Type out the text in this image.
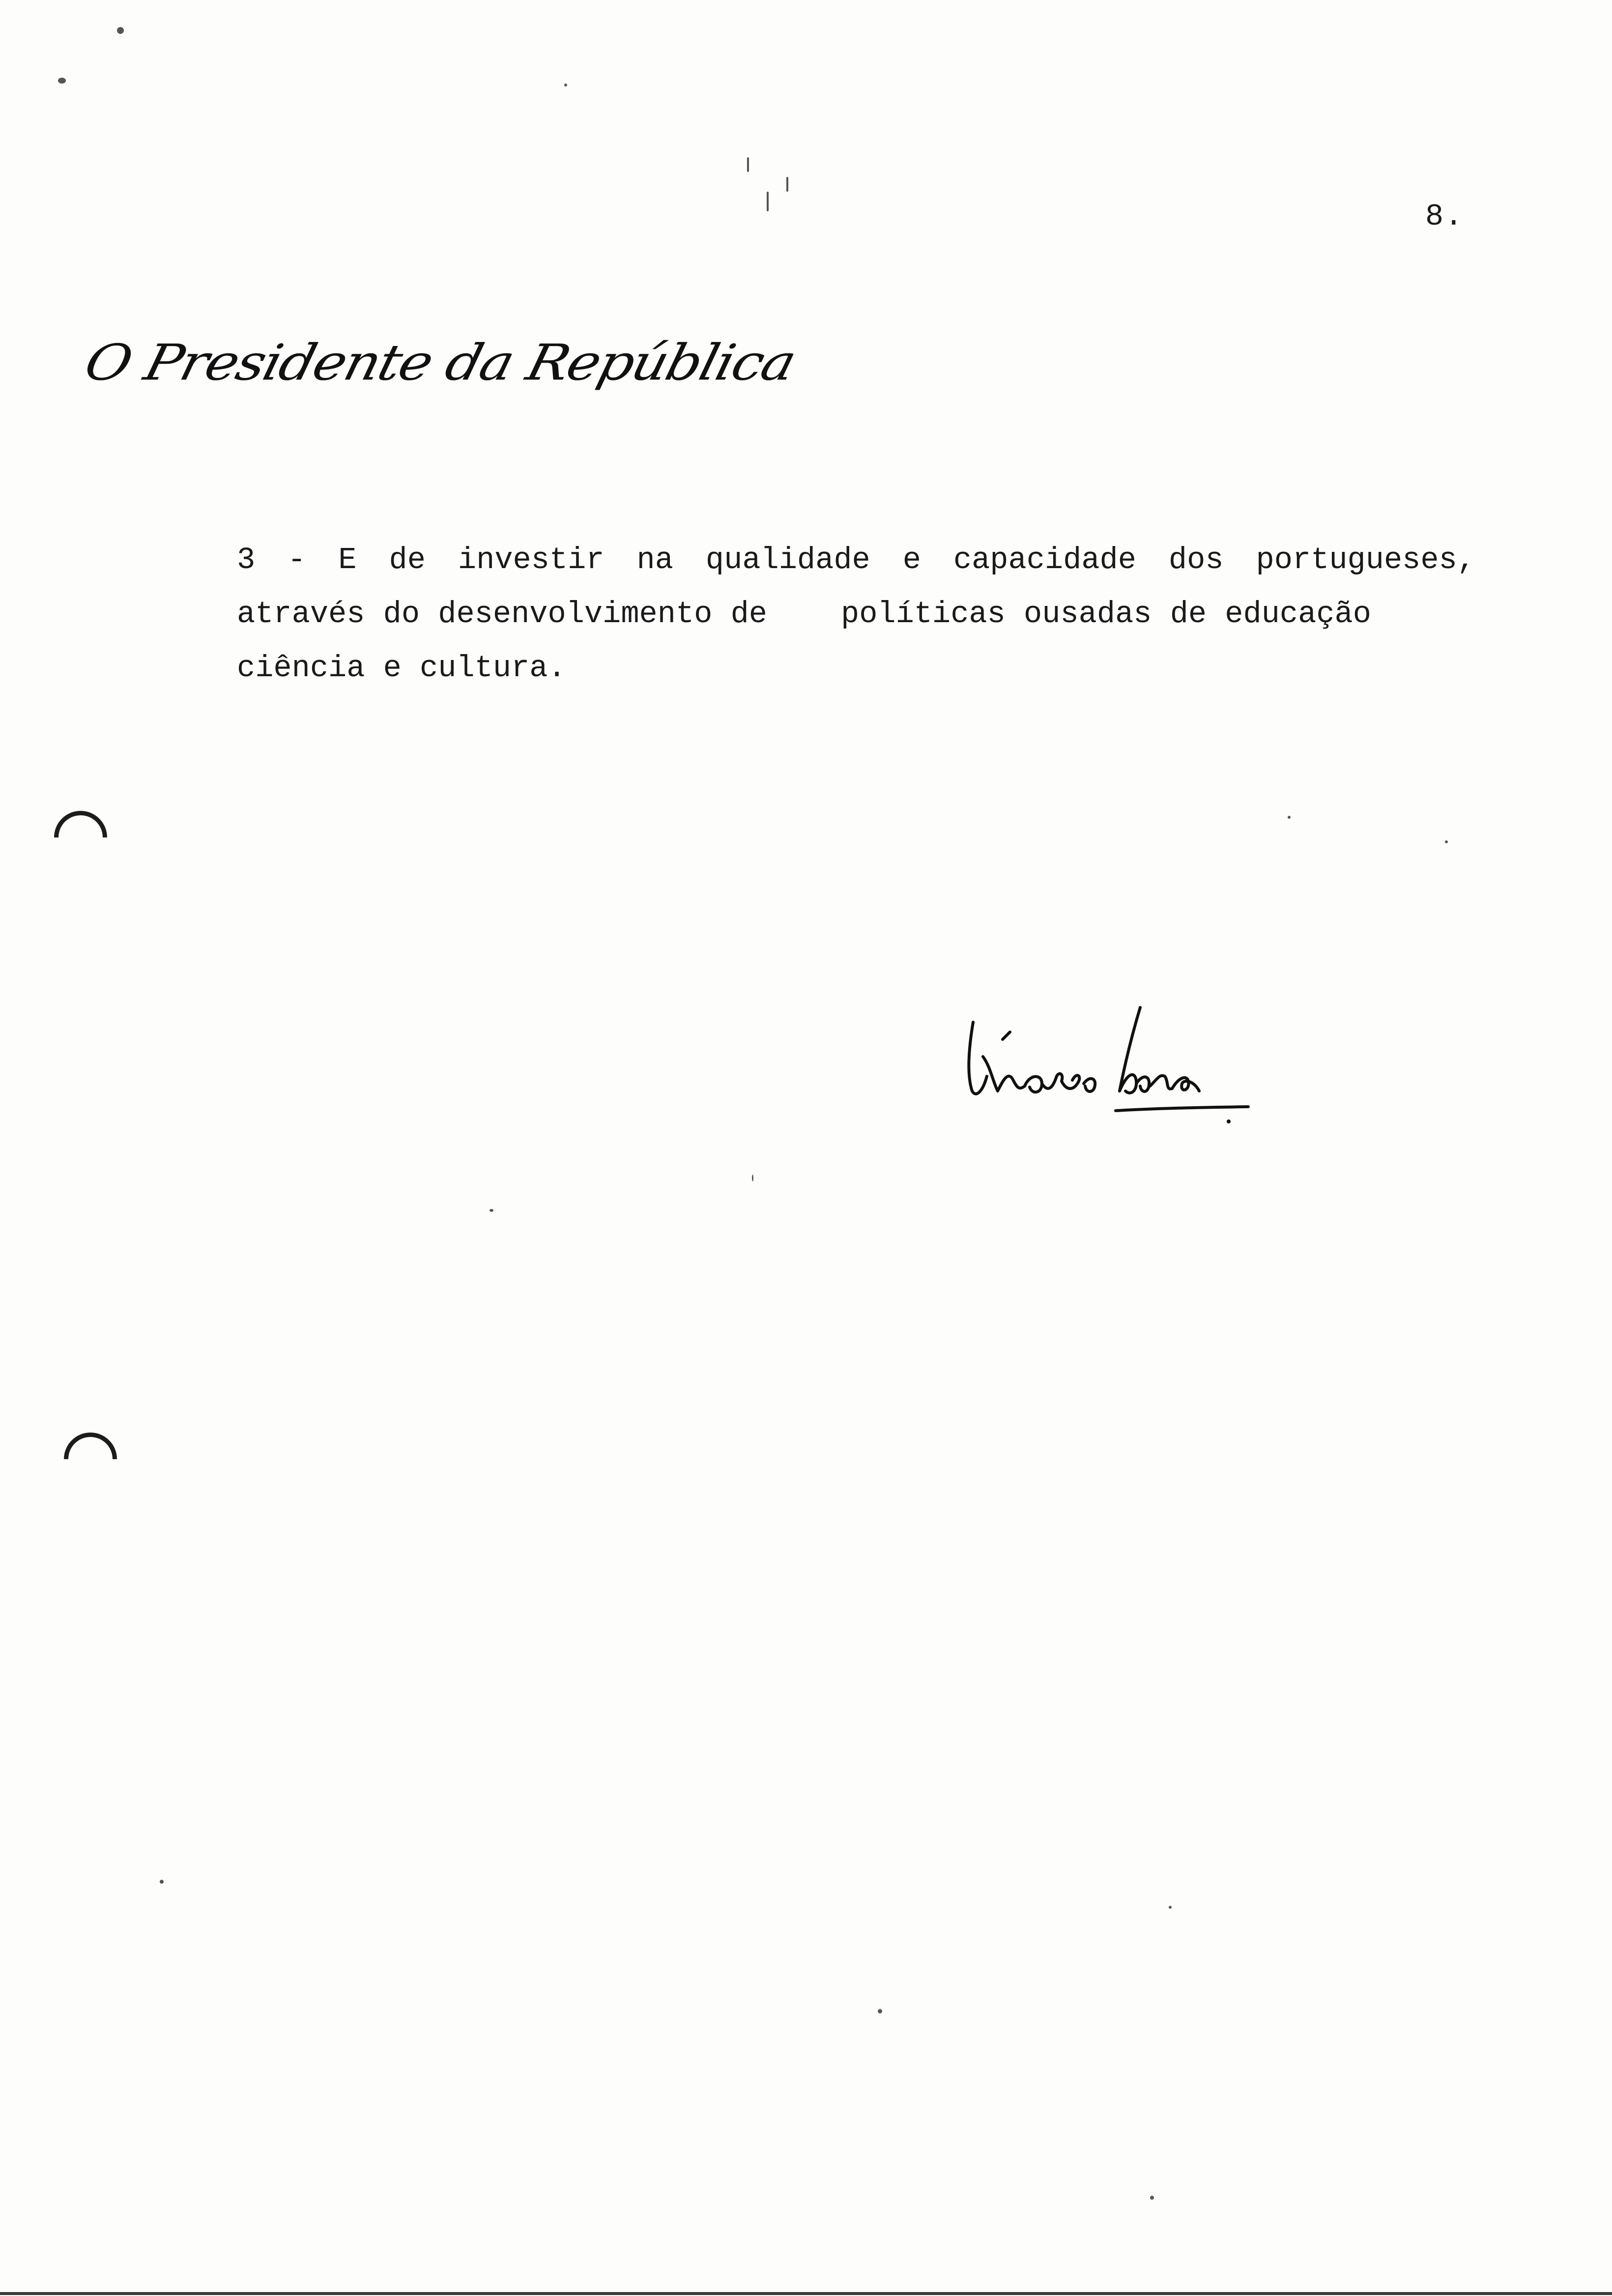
8.
O Presidente da República
3 - E de investir na qualidade e capacidade dos portugueses,
através do desenvolvimento de políticas ousadas de educação
ciência e cultura.
